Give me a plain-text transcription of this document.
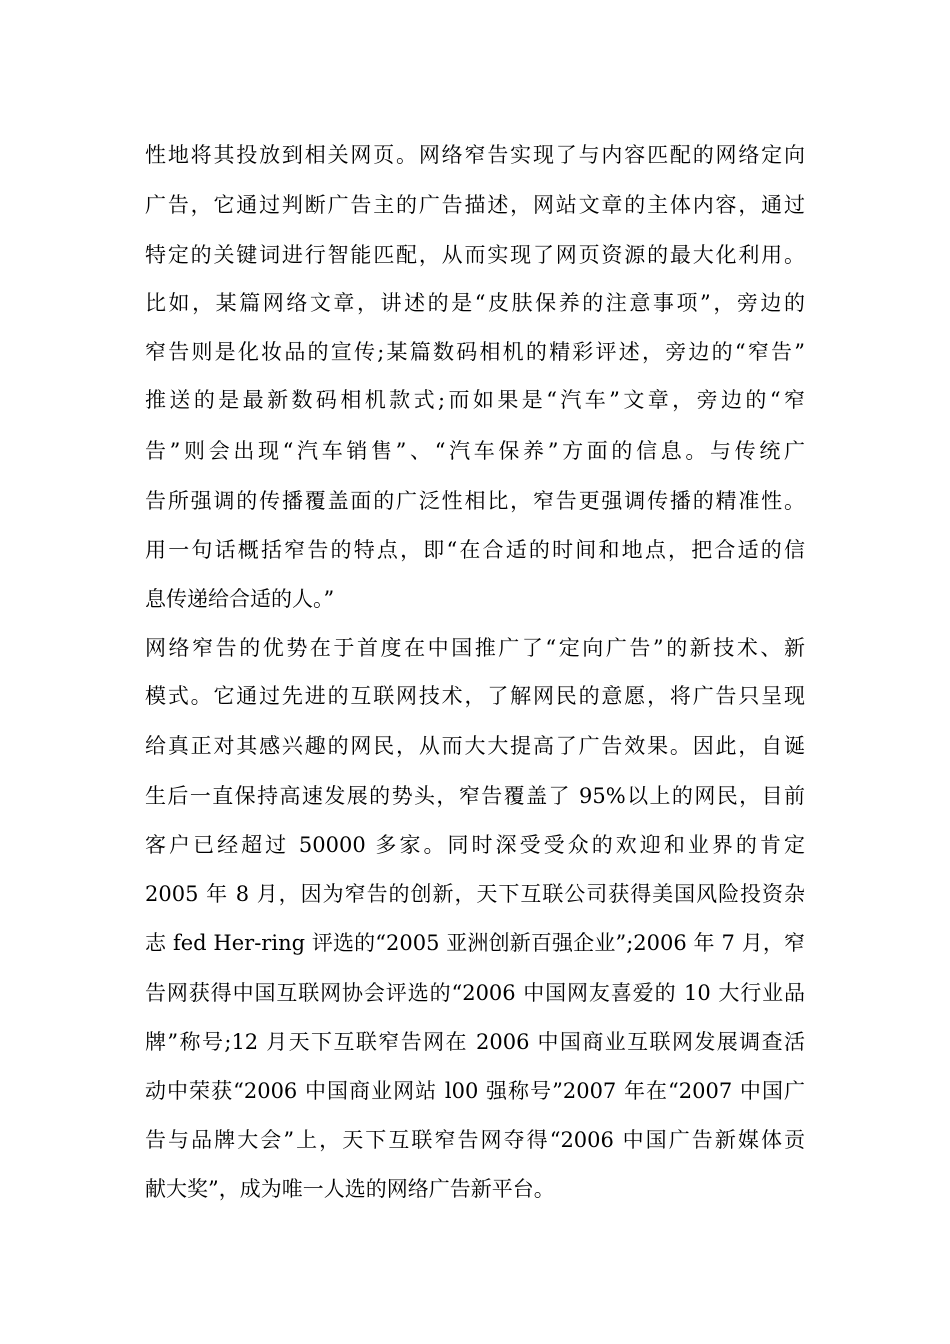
性地将其投放到相关网页。网络窄告实现了与内容匹配的网络定向
广告，它通过判断广告主的广告描述，网站文章的主体内容，通过
特定的关键词进行智能匹配，从而实现了网页资源的最大化利用。
比如，某篇网络文章，讲述的是“皮肤保养的注意事项”，旁边的
窄告则是化妆品的宣传;某篇数码相机的精彩评述，旁边的“窄告”
推送的是最新数码相机款式;而如果是“汽车”文章，旁边的“窄
告”则会出现“汽车销售”、“汽车保养”方面的信息。与传统广
告所强调的传播覆盖面的广泛性相比，窄告更强调传播的精准性。
用一句话概括窄告的特点，即“在合适的时间和地点，把合适的信
息传递给合适的人。”
网络窄告的优势在于首度在中国推广了“定向广告”的新技术、新
模式。它通过先进的互联网技术，了解网民的意愿，将广告只呈现
给真正对其感兴趣的网民，从而大大提高了广告效果。因此，自诞
生后一直保持高速发展的势头，窄告覆盖了 95%以上的网民，目前
客户已经超过 50000 多家。同时深受受众的欢迎和业界的肯定
2005 年 8 月，因为窄告的创新，天下互联公司获得美国风险投资杂
志 fed Her-ring 评选的“2005 亚洲创新百强企业”;2006 年 7 月，窄
告网获得中国互联网协会评选的“2006 中国网友喜爱的 10 大行业品
牌”称号;12 月天下互联窄告网在 2006 中国商业互联网发展调查活
动中荣获“2006 中国商业网站 l00 强称号”2007 年在“2007 中国广
告与品牌大会”上，天下互联窄告网夺得“2006 中国广告新媒体贡
献大奖”，成为唯一人选的网络广告新平台。
